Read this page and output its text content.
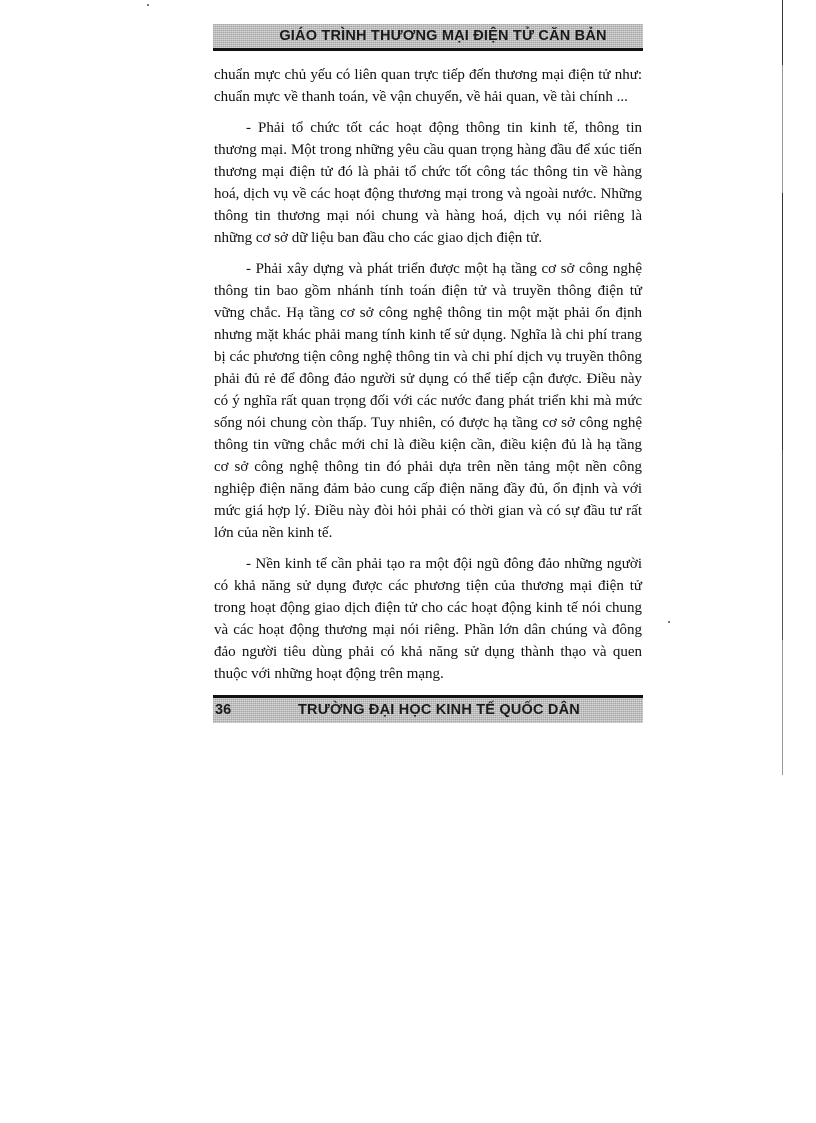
GIÁO TRÌNH THƯƠNG MẠI ĐIỆN TỬ CĂN BẢN

chuẩn mực chủ yếu có liên quan trực tiếp đến thương mại điện tử như: chuẩn mực về thanh toán, về vận chuyển, về hải quan, về tài chính ...

- Phải tổ chức tốt các hoạt động thông tin kinh tế, thông tin thương mại. Một trong những yêu cầu quan trọng hàng đầu để xúc tiến thương mại điện tử đó là phải tổ chức tốt công tác thông tin về hàng hoá, dịch vụ về các hoạt động thương mại trong và ngoài nước. Những thông tin thương mại nói chung và hàng hoá, dịch vụ nói riêng là những cơ sở dữ liệu ban đầu cho các giao dịch điện tử.

- Phải xây dựng và phát triển được một hạ tầng cơ sở công nghệ thông tin bao gồm nhánh tính toán điện tử và truyền thông điện tử vững chắc. Hạ tầng cơ sở công nghệ thông tin một mặt phải ổn định nhưng mặt khác phải mang tính kinh tế sử dụng. Nghĩa là chi phí trang bị các phương tiện công nghệ thông tin và chi phí dịch vụ truyền thông phải đủ rẻ để đông đảo người sử dụng có thể tiếp cận được. Điều này có ý nghĩa rất quan trọng đối với các nước đang phát triển khi mà mức sống nói chung còn thấp. Tuy nhiên, có được hạ tầng cơ sở công nghệ thông tin vững chắc mới chỉ là điều kiện cần, điều kiện đủ là hạ tầng cơ sở công nghệ thông tin đó phải dựa trên nền tảng một nền công nghiệp điện năng đảm bảo cung cấp điện năng đầy đủ, ổn định và với mức giá hợp lý. Điều này đòi hỏi phải có thời gian và có sự đầu tư rất lớn của nền kinh tế.

- Nền kinh tế cần phải tạo ra một đội ngũ đông đảo những người có khả năng sử dụng được các phương tiện của thương mại điện tử trong hoạt động giao dịch điện tử cho các hoạt động kinh tế nói chung và các hoạt động thương mại nói riêng. Phần lớn dân chúng và đông đảo người tiêu dùng phải có khả năng sử dụng thành thạo và quen thuộc với những hoạt động trên mạng.

36	TRƯỜNG ĐẠI HỌC KINH TẾ QUỐC DÂN
